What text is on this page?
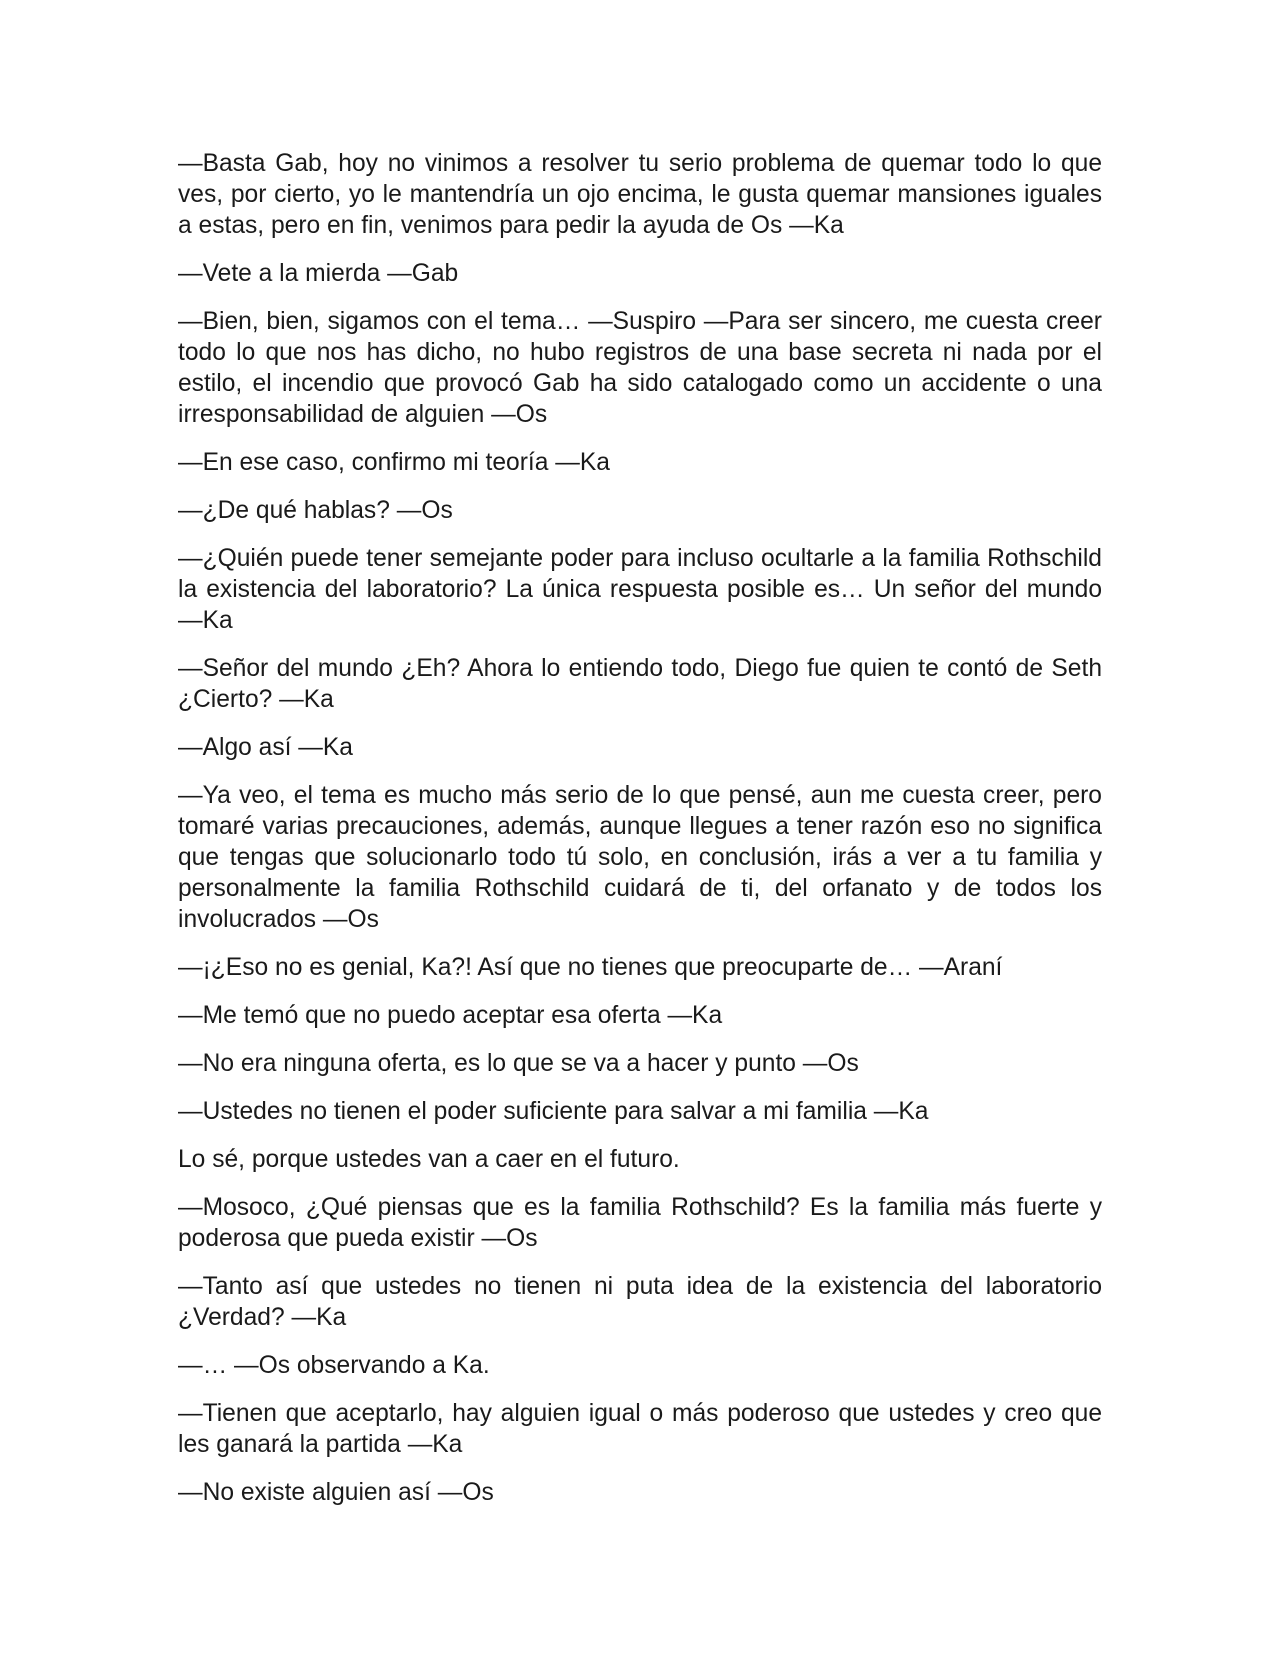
—Basta Gab, hoy no vinimos a resolver tu serio problema de quemar todo lo que ves, por cierto, yo le mantendría un ojo encima, le gusta quemar mansiones iguales a estas, pero en fin, venimos para pedir la ayuda de Os —Ka

—Vete a la mierda —Gab

—Bien, bien, sigamos con el tema… —Suspiro —Para ser sincero, me cuesta creer todo lo que nos has dicho, no hubo registros de una base secreta ni nada por el estilo, el incendio que provocó Gab ha sido catalogado como un accidente o una irresponsabilidad de alguien —Os

—En ese caso, confirmo mi teoría —Ka

—¿De qué hablas? —Os

—¿Quién puede tener semejante poder para incluso ocultarle a la familia Rothschild la existencia del laboratorio? La única respuesta posible es… Un señor del mundo —Ka

—Señor del mundo ¿Eh? Ahora lo entiendo todo, Diego fue quien te contó de Seth ¿Cierto? —Ka

—Algo así —Ka

—Ya veo, el tema es mucho más serio de lo que pensé, aun me cuesta creer, pero tomaré varias precauciones, además, aunque llegues a tener razón eso no significa que tengas que solucionarlo todo tú solo, en conclusión, irás a ver a tu familia y personalmente la familia Rothschild cuidará de ti, del orfanato y de todos los involucrados —Os

—¡¿Eso no es genial, Ka?! Así que no tienes que preocuparte de… —Araní

—Me temó que no puedo aceptar esa oferta —Ka

—No era ninguna oferta, es lo que se va a hacer y punto —Os

—Ustedes no tienen el poder suficiente para salvar a mi familia —Ka

Lo sé, porque ustedes van a caer en el futuro.

—Mosoco, ¿Qué piensas que es la familia Rothschild? Es la familia más fuerte y poderosa que pueda existir —Os

—Tanto así que ustedes no tienen ni puta idea de la existencia del laboratorio ¿Verdad? —Ka

—… —Os observando a Ka.

—Tienen que aceptarlo, hay alguien igual o más poderoso que ustedes y creo que les ganará la partida —Ka

—No existe alguien así —Os
